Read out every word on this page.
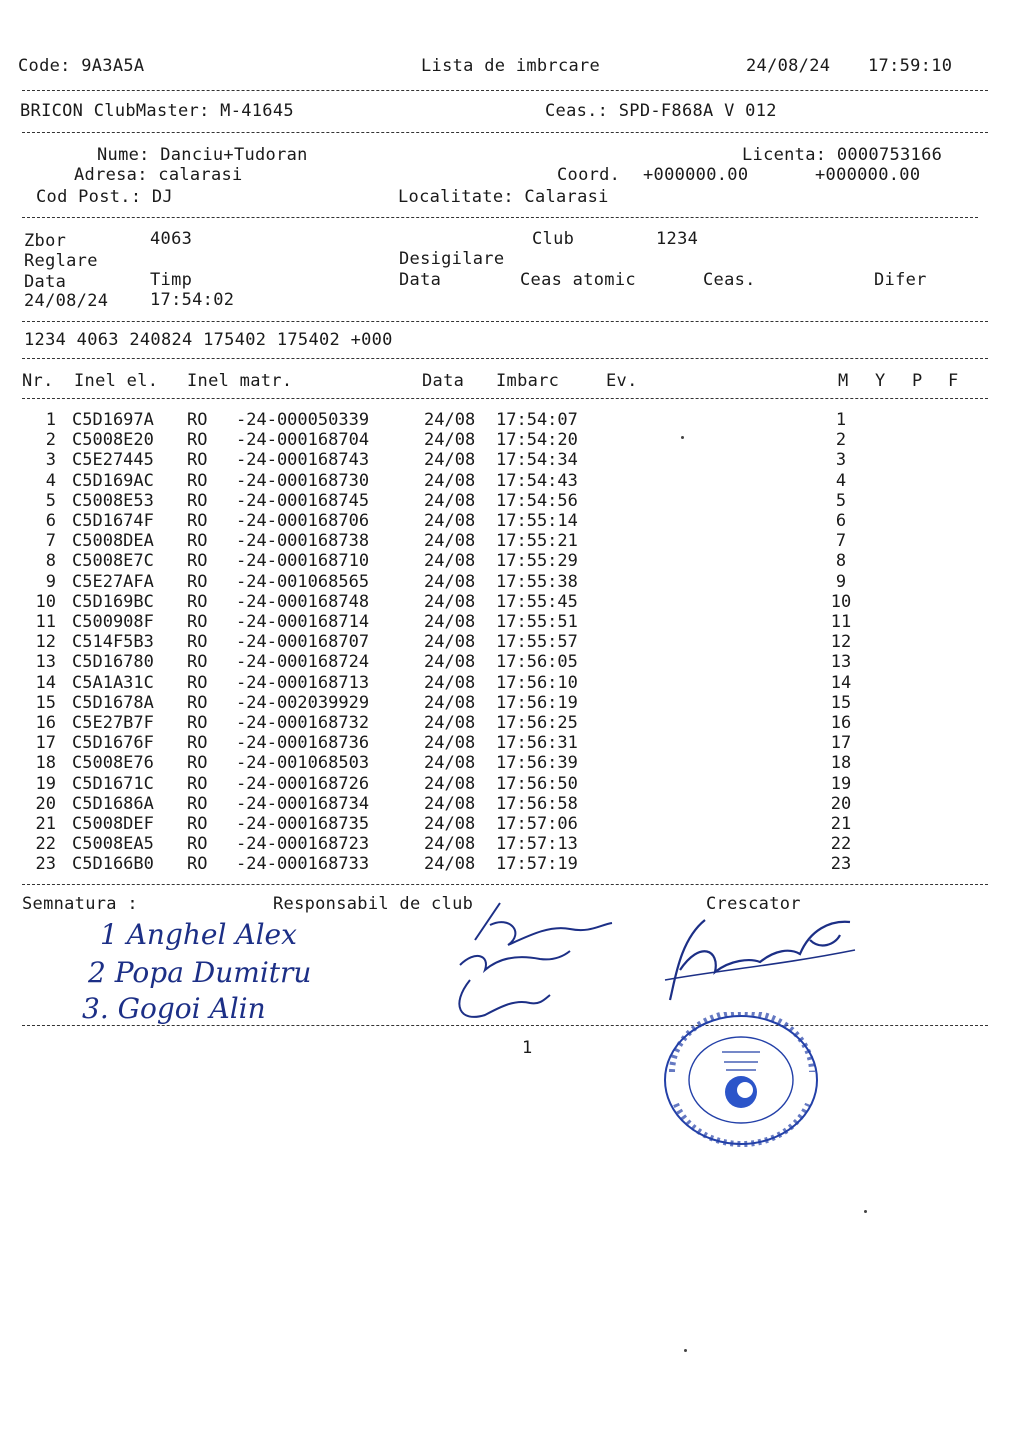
Code: 9A3A5A	Lista de imbrcare	24/08/24 17:59:10
BRICON ClubMaster: M-41645	Ceas.: SPD-F868A V 012
Nume: Danciu+Tudoran	Licenta: 0000753166
Adresa: calarasi	Coord. +000000.00	+000000.00
Cod Post.: DJ	Localitate: Calarasi
Zbor	4063	Club	1234
Reglare	Desigilare
Data	Timp	Data	Ceas atomic	Ceas.	Difer
24/08/24 17:54:02
1234 4063 240824 175402 175402 +000
Nr. Inel el. Inel matr.	Data Imbarc	Ev.	M Y P F
1 C5D1697A RO -24-000050339	24/08 17:54:07	1
2 C5008E20 RO -24-000168704	24/08 17:54:20	2
3 C5E27445 RO -24-000168743	24/08 17:54:34	3
4 C5D169AC RO -24-000168730	24/08 17:54:43	4
5 C5008E53 RO -24-000168745	24/08 17:54:56	5
6 C5D1674F RO -24-000168706	24/08 17:55:14	6
7 C5008DEA RO -24-000168738	24/08 17:55:21	7
8 C5008E7C RO -24-000168710	24/08 17:55:29	8
9 C5E27AFA RO -24-001068565	24/08 17:55:38	9
10 C5D169BC RO -24-000168748	24/08 17:55:45	10
11 C500908F RO -24-000168714	24/08 17:55:51	11
12 C514F5B3 RO -24-000168707	24/08 17:55:57	12
13 C5D16780 RO -24-000168724	24/08 17:56:05	13
14 C5A1A31C RO -24-000168713	24/08 17:56:10	14
15 C5D1678A RO -24-002039929	24/08 17:56:19	15
16 C5E27B7F RO -24-000168732	24/08 17:56:25	16
17 C5D1676F RO -24-000168736	24/08 17:56:31	17
18 C5008E76 RO -24-001068503	24/08 17:56:39	18
19 C5D1671C RO -24-000168726	24/08 17:56:50	19
20 C5D1686A RO -24-000168734	24/08 17:56:58	20
21 C5008DEF RO -24-000168735	24/08 17:57:06	21
22 C5008EA5 RO -24-000168723	24/08 17:57:13	22
23 C5D166B0 RO -24-000168733	24/08 17:57:19	23
Semnatura :	Responsabil de club	Crescator
1 Anghel Alex
2 Popa Dumitru
3. Gogoi Alin
1
